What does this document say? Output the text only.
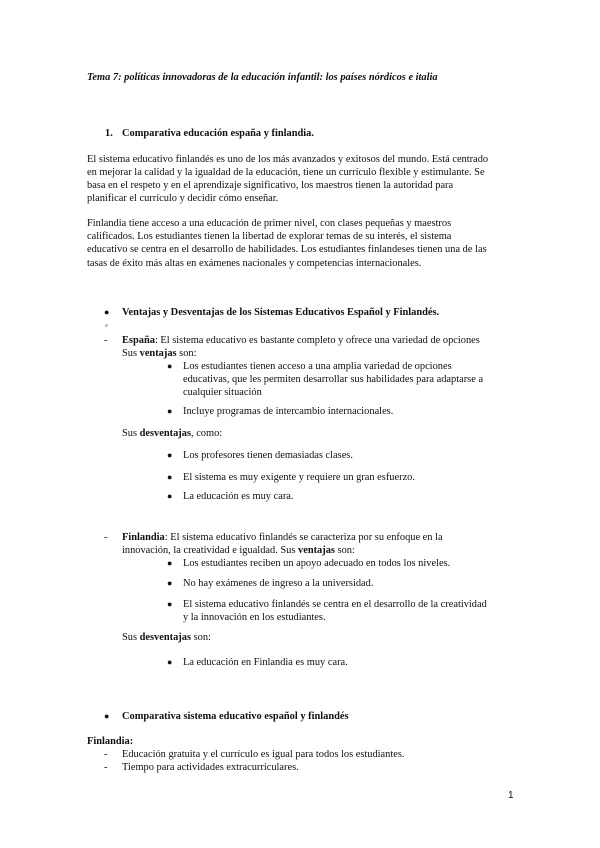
Tema 7: políticas innovadoras de la educación infantil: los países nórdicos e italia
1. Comparativa educación españa y finlandia.
El sistema educativo finlandés es uno de los más avanzados y exitosos del mundo. Está centrado
en mejorar la calidad y la igualdad de la educación, tiene un currículo flexible y estimulante. Se
basa en el respeto y en el aprendizaje significativo, los maestros tienen la autoridad para
planificar el currículo y decidir cómo enseñar.
Finlandia tiene acceso a una educación de primer nivel, con clases pequeñas y maestros
calificados. Los estudiantes tienen la libertad de explorar temas de su interés, el sistema
educativo se centra en el desarrollo de habilidades. Los estudiantes finlandeses tienen una de las
tasas de éxito más altas en exámenes nacionales y competencias internacionales.
● Ventajas y Desventajas de los Sistemas Educativos Español y Finlandés.
- España: El sistema educativo es bastante completo y ofrece una variedad de opciones
Sus ventajas son:
● Los estudiantes tienen acceso a una amplia variedad de opciones
educativas, que les permiten desarrollar sus habilidades para adaptarse a
cualquier situación
● Incluye programas de intercambio internacionales.
Sus desventajas, como:
● Los profesores tienen demasiadas clases.
● El sistema es muy exigente y requiere un gran esfuerzo.
● La educación es muy cara.
- Finlandia: El sistema educativo finlandés se caracteriza por su enfoque en la
innovación, la creatividad e igualdad. Sus ventajas son:
● Los estudiantes reciben un apoyo adecuado en todos los niveles.
● No hay exámenes de ingreso a la universidad.
● El sistema educativo finlandés se centra en el desarrollo de la creatividad
y la innovación en los estudiantes.
Sus desventajas son:
● La educación en Finlandia es muy cara.
● Comparativa sistema educativo español y finlandés
Finlandia:
- Educación gratuita y el currículo es igual para todos los estudiantes.
- Tiempo para actividades extracurriculares.
1
